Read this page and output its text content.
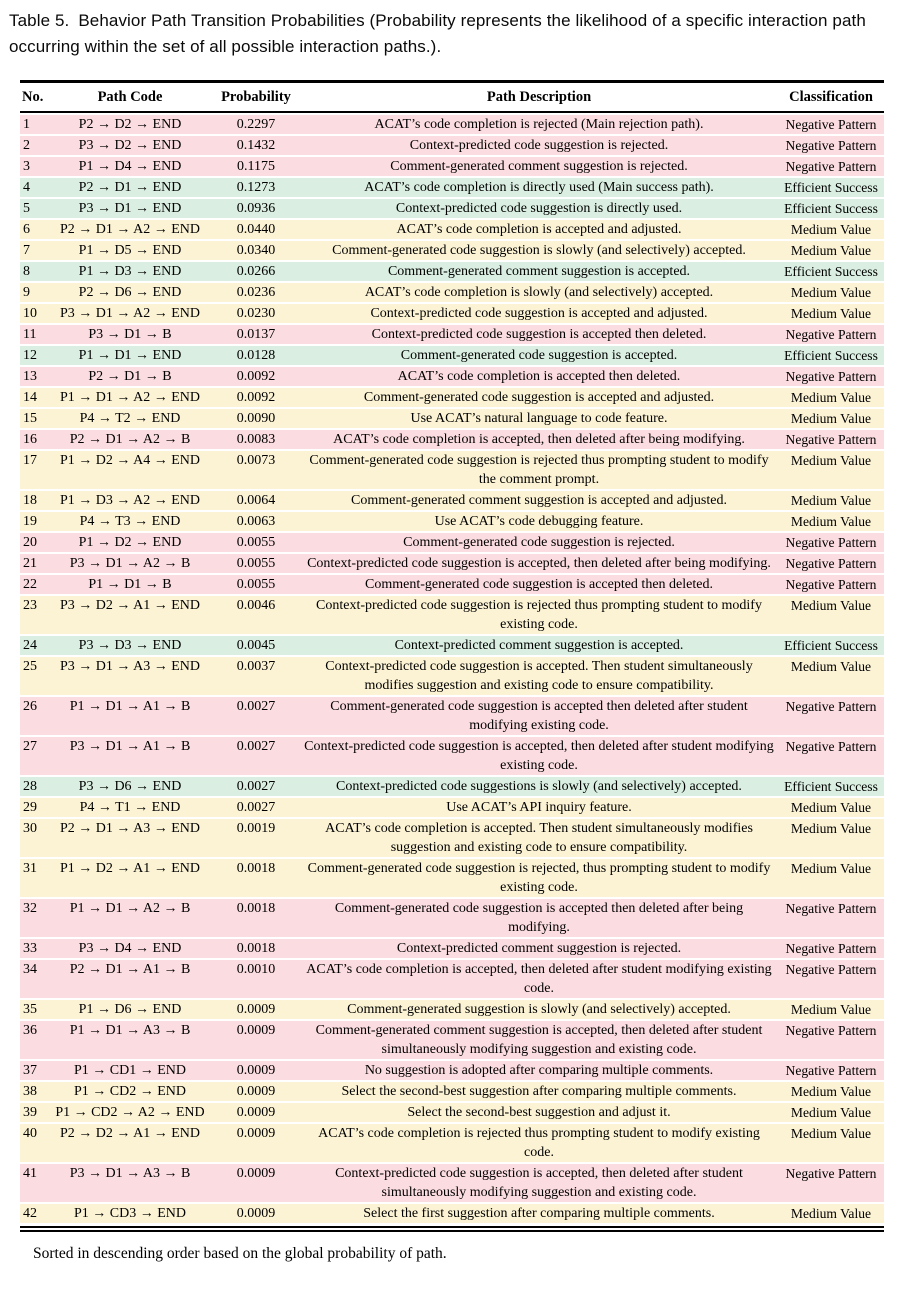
Table 5. Behavior Path Transition Probabilities (Probability represents the likelihood of a specific interaction path occurring within the set of all possible interaction paths.).
No.	Path Code	Probability	Path Description	Classification
1	P2 → D2 → END	0.2297	ACAT’s code completion is rejected (Main rejection path).	Negative Pattern
2	P3 → D2 → END	0.1432	Context-predicted code suggestion is rejected.	Negative Pattern
3	P1 → D4 → END	0.1175	Comment-generated comment suggestion is rejected.	Negative Pattern
4	P2 → D1 → END	0.1273	ACAT’s code completion is directly used (Main success path).	Efficient Success
5	P3 → D1 → END	0.0936	Context-predicted code suggestion is directly used.	Efficient Success
6	P2 → D1 → A2 → END	0.0440	ACAT’s code completion is accepted and adjusted.	Medium Value
7	P1 → D5 → END	0.0340	Comment-generated code suggestion is slowly (and selectively) accepted.	Medium Value
8	P1 → D3 → END	0.0266	Comment-generated comment suggestion is accepted.	Efficient Success
9	P2 → D6 → END	0.0236	ACAT’s code completion is slowly (and selectively) accepted.	Medium Value
10	P3 → D1 → A2 → END	0.0230	Context-predicted code suggestion is accepted and adjusted.	Medium Value
11	P3 → D1 → B	0.0137	Context-predicted code suggestion is accepted then deleted.	Negative Pattern
12	P1 → D1 → END	0.0128	Comment-generated code suggestion is accepted.	Efficient Success
13	P2 → D1 → B	0.0092	ACAT’s code completion is accepted then deleted.	Negative Pattern
14	P1 → D1 → A2 → END	0.0092	Comment-generated code suggestion is accepted and adjusted.	Medium Value
15	P4 → T2 → END	0.0090	Use ACAT’s natural language to code feature.	Medium Value
16	P2 → D1 → A2 → B	0.0083	ACAT’s code completion is accepted, then deleted after being modifying.	Negative Pattern
17	P1 → D2 → A4 → END	0.0073	Comment-generated code suggestion is rejected thus prompting student to modify the comment prompt.	Medium Value
18	P1 → D3 → A2 → END	0.0064	Comment-generated comment suggestion is accepted and adjusted.	Medium Value
19	P4 → T3 → END	0.0063	Use ACAT’s code debugging feature.	Medium Value
20	P1 → D2 → END	0.0055	Comment-generated code suggestion is rejected.	Negative Pattern
21	P3 → D1 → A2 → B	0.0055	Context-predicted code suggestion is accepted, then deleted after being modifying.	Negative Pattern
22	P1 → D1 → B	0.0055	Comment-generated code suggestion is accepted then deleted.	Negative Pattern
23	P3 → D2 → A1 → END	0.0046	Context-predicted code suggestion is rejected thus prompting student to modify existing code.	Medium Value
24	P3 → D3 → END	0.0045	Context-predicted comment suggestion is accepted.	Efficient Success
25	P3 → D1 → A3 → END	0.0037	Context-predicted code suggestion is accepted. Then student simultaneously modifies suggestion and existing code to ensure compatibility.	Medium Value
26	P1 → D1 → A1 → B	0.0027	Comment-generated code suggestion is accepted then deleted after student modifying existing code.	Negative Pattern
27	P3 → D1 → A1 → B	0.0027	Context-predicted code suggestion is accepted, then deleted after student modifying existing code.	Negative Pattern
28	P3 → D6 → END	0.0027	Context-predicted code suggestions is slowly (and selectively) accepted.	Efficient Success
29	P4 → T1 → END	0.0027	Use ACAT’s API inquiry feature.	Medium Value
30	P2 → D1 → A3 → END	0.0019	ACAT’s code completion is accepted. Then student simultaneously modifies suggestion and existing code to ensure compatibility.	Medium Value
31	P1 → D2 → A1 → END	0.0018	Comment-generated code suggestion is rejected, thus prompting student to modify existing code.	Medium Value
32	P1 → D1 → A2 → B	0.0018	Comment-generated code suggestion is accepted then deleted after being modifying.	Negative Pattern
33	P3 → D4 → END	0.0018	Context-predicted comment suggestion is rejected.	Negative Pattern
34	P2 → D1 → A1 → B	0.0010	ACAT’s code completion is accepted, then deleted after student modifying existing code.	Negative Pattern
35	P1 → D6 → END	0.0009	Comment-generated suggestion is slowly (and selectively) accepted.	Medium Value
36	P1 → D1 → A3 → B	0.0009	Comment-generated comment suggestion is accepted, then deleted after student simultaneously modifying suggestion and existing code.	Negative Pattern
37	P1 → CD1 → END	0.0009	No suggestion is adopted after comparing multiple comments.	Negative Pattern
38	P1 → CD2 → END	0.0009	Select the second-best suggestion after comparing multiple comments.	Medium Value
39	P1 → CD2 → A2 → END	0.0009	Select the second-best suggestion and adjust it.	Medium Value
40	P2 → D2 → A1 → END	0.0009	ACAT’s code completion is rejected thus prompting student to modify existing code.	Medium Value
41	P3 → D1 → A3 → B	0.0009	Context-predicted code suggestion is accepted, then deleted after student simultaneously modifying suggestion and existing code.	Negative Pattern
42	P1 → CD3 → END	0.0009	Select the first suggestion after comparing multiple comments.	Medium Value
Sorted in descending order based on the global probability of path.
